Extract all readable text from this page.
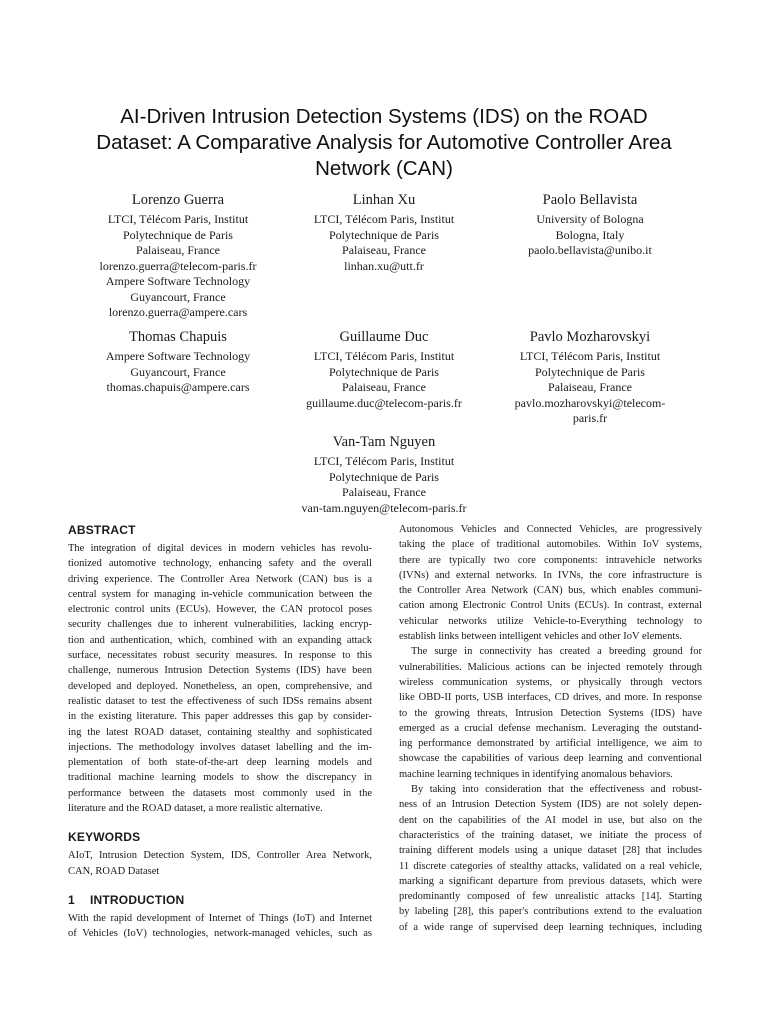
AI-Driven Intrusion Detection Systems (IDS) on the ROAD
Dataset: A Comparative Analysis for Automotive Controller Area
Network (CAN)
Lorenzo Guerra
LTCI, Télécom Paris, Institut
Polytechnique de Paris
Palaiseau, France
lorenzo.guerra@telecom-paris.fr
Ampere Software Technology
Guyancourt, France
lorenzo.guerra@ampere.cars
Linhan Xu
LTCI, Télécom Paris, Institut
Polytechnique de Paris
Palaiseau, France
linhan.xu@utt.fr
Paolo Bellavista
University of Bologna
Bologna, Italy
paolo.bellavista@unibo.it
Thomas Chapuis
Ampere Software Technology
Guyancourt, France
thomas.chapuis@ampere.cars
Guillaume Duc
LTCI, Télécom Paris, Institut
Polytechnique de Paris
Palaiseau, France
guillaume.duc@telecom-paris.fr
Pavlo Mozharovskyi
LTCI, Télécom Paris, Institut
Polytechnique de Paris
Palaiseau, France
pavlo.mozharovskyi@telecom-
paris.fr
Van-Tam Nguyen
LTCI, Télécom Paris, Institut
Polytechnique de Paris
Palaiseau, France
van-tam.nguyen@telecom-paris.fr
ABSTRACT
The integration of digital devices in modern vehicles has revolu-
tionized automotive technology, enhancing safety and the overall
driving experience. The Controller Area Network (CAN) bus is a
central system for managing in-vehicle communication between the
electronic control units (ECUs). However, the CAN protocol poses
security challenges due to inherent vulnerabilities, lacking encryp-
tion and authentication, which, combined with an expanding attack
surface, necessitates robust security measures. In response to this
challenge, numerous Intrusion Detection Systems (IDS) have been
developed and deployed. Nonetheless, an open, comprehensive, and
realistic dataset to test the effectiveness of such IDSs remains absent
in the existing literature. This paper addresses this gap by consider-
ing the latest ROAD dataset, containing stealthy and sophisticated
injections. The methodology involves dataset labelling and the im-
plementation of both state-of-the-art deep learning models and
traditional machine learning models to show the discrepancy in
performance between the datasets most commonly used in the
literature and the ROAD dataset, a more realistic alternative.
KEYWORDS
AIoT, Intrusion Detection System, IDS, Controller Area Network,
CAN, ROAD Dataset
1 INTRODUCTION
With the rapid development of Internet of Things (IoT) and Internet
of Vehicles (IoV) technologies, network-managed vehicles, such as
Autonomous Vehicles and Connected Vehicles, are progressively
taking the place of traditional automobiles. Within IoV systems,
there are typically two core components: intravehicle networks
(IVNs) and external networks. In IVNs, the core infrastructure is
the Controller Area Network (CAN) bus, which enables communi-
cation among Electronic Control Units (ECUs). In contrast, external
vehicular networks utilize Vehicle-to-Everything technology to
establish links between intelligent vehicles and other IoV elements.
The surge in connectivity has created a breeding ground for
vulnerabilities. Malicious actions can be injected remotely through
wireless communication systems, or physically through vectors
like OBD-II ports, USB interfaces, CD drives, and more. In response
to the growing threats, Intrusion Detection Systems (IDS) have
emerged as a crucial defense mechanism. Leveraging the outstand-
ing performance demonstrated by artificial intelligence, we aim to
showcase the capabilities of various deep learning and conventional
machine learning techniques in identifying anomalous behaviors.
By taking into consideration that the effectiveness and robust-
ness of an Intrusion Detection System (IDS) are not solely depen-
dent on the capabilities of the AI model in use, but also on the
characteristics of the training dataset, we initiate the process of
training different models using a unique dataset [28] that includes
11 discrete categories of stealthy attacks, validated on a real vehicle,
marking a significant departure from previous datasets, which were
predominantly composed of few unrealistic attacks [14]. Starting
by labeling [28], this paper's contributions extend to the evaluation
of a wide range of supervised deep learning techniques, including
